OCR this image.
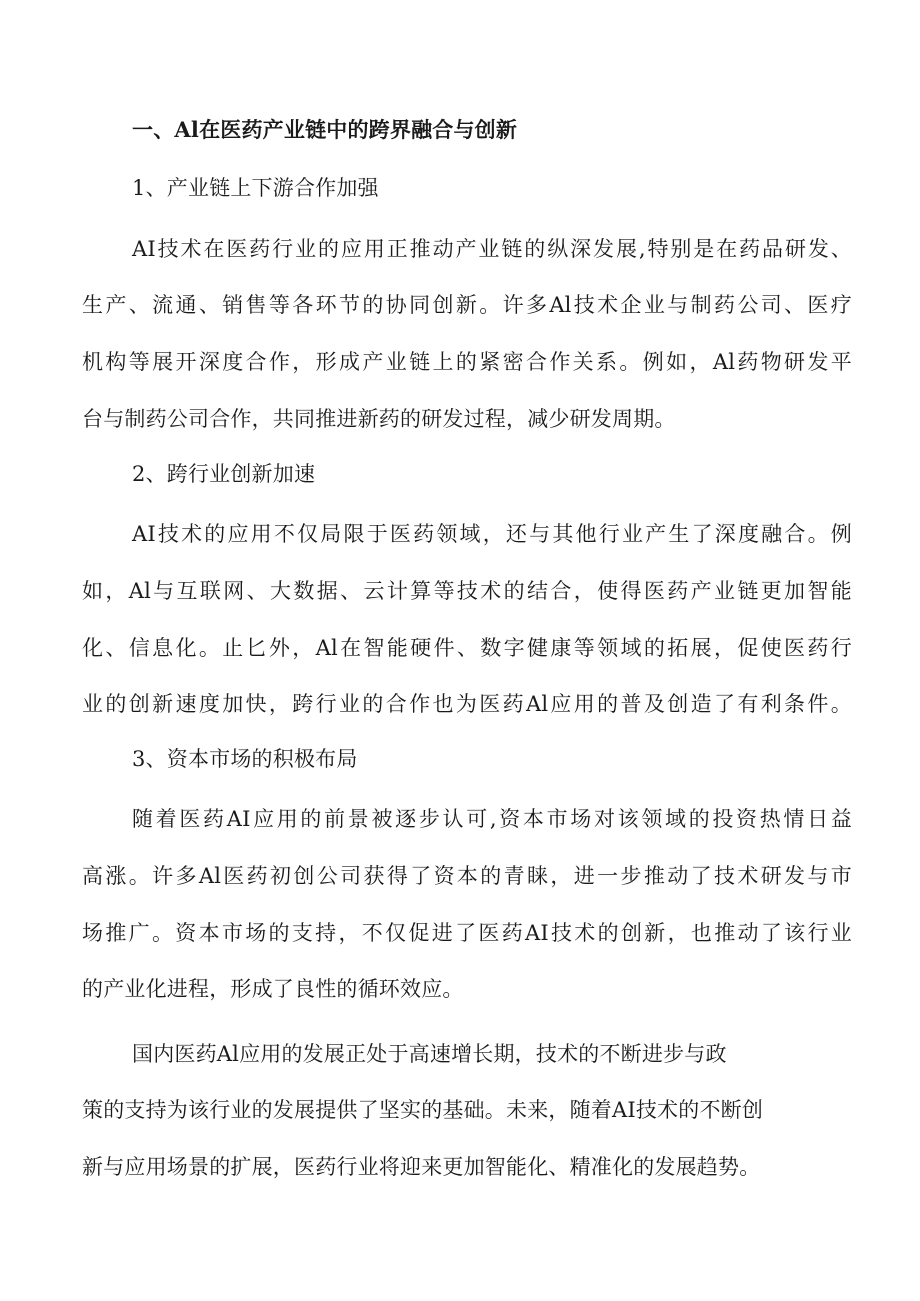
一、Al在医药产业链中的跨界融合与创新
1、产业链上下游合作加强
AI技术在医药行业的应用正推动产业链的纵深发展,特别是在药品研发、
生产、流通、销售等各环节的协同创新。许多Al技术企业与制药公司、医疗
机构等展开深度合作，形成产业链上的紧密合作关系。例如，Al药物研发平
台与制药公司合作，共同推进新药的研发过程，减少研发周期。
2、跨行业创新加速
AI技术的应用不仅局限于医药领域，还与其他行业产生了深度融合。例
如，Al与互联网、大数据、云计算等技术的结合，使得医药产业链更加智能
化、信息化。止匕外，Al在智能硬件、数字健康等领域的拓展，促使医药行
业的创新速度加快，跨行业的合作也为医药Al应用的普及创造了有利条件。
3、资本市场的积极布局
随着医药AI应用的前景被逐步认可,资本市场对该领域的投资热情日益
高涨。许多Al医药初创公司获得了资本的青睐，进一步推动了技术研发与市
场推广。资本市场的支持，不仅促进了医药AI技术的创新，也推动了该行业
的产业化进程，形成了良性的循环效应。
国内医药Al应用的发展正处于高速增长期，技术的不断进步与政
策的支持为该行业的发展提供了坚实的基础。未来，随着AI技术的不断创
新与应用场景的扩展，医药行业将迎来更加智能化、精准化的发展趋势。
